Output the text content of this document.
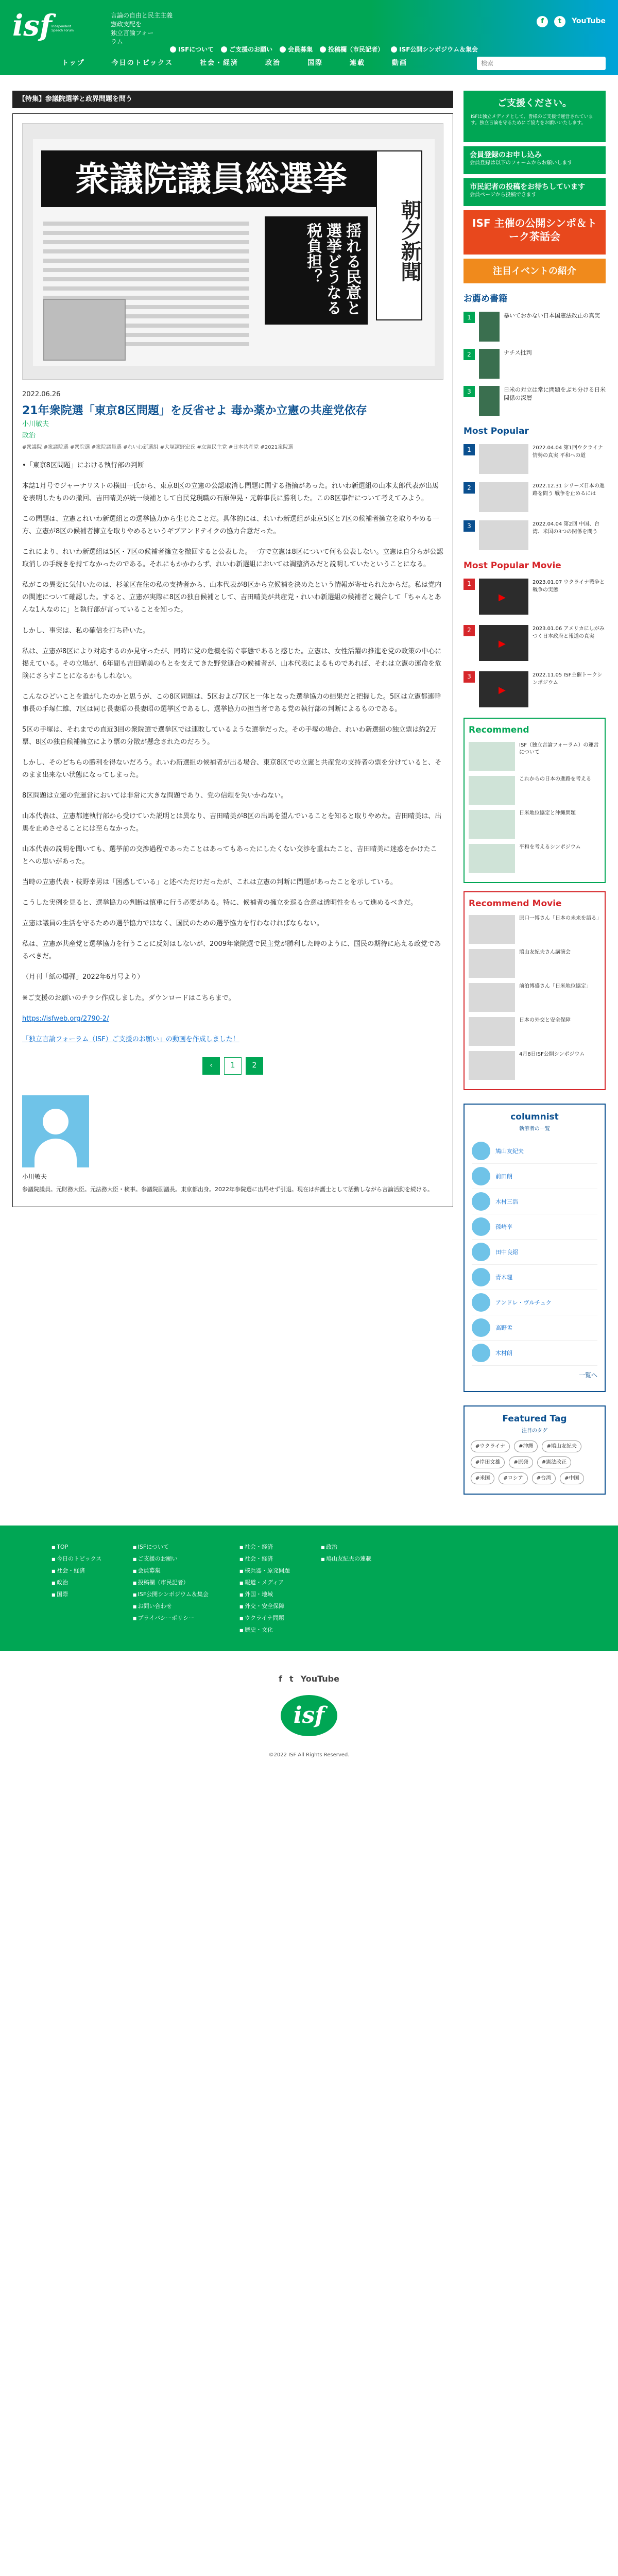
isf Independent Speech Forum
言論の自由と民主主義
憲政支配を
独立言論フォー
ラム
ISFについて	ご支援のお願い	会員募集	投稿欄（市民記者）	ISF公開シンポジウム＆集会
f	t	YouTube
トップ	今日のトピックス	社会・経済	政治	国際	連載	動画	検索
【特集】参議院選挙と政界問題を問う
衆議院議員総選挙
朝夕新聞
揺れる民意と選挙どうなる税負担？
2022.06.26
21年衆院選「東京8区問題」を反省せよ 毒か薬か立憲の共産党依存
小川敏夫
政治
#衆議院 #衆議院選 #衆院選 #衆院議員選 #れいわ新選組 #大塚潔野宏氏 #立憲民主党 #日本共産党 #2021衆院選

•「東京8区問題」における執行部の判断

本誌1月号でジャーナリストの横田一氏から、東京8区の立憲の公認取消し問題に関する指摘があった。れいわ新選組の山本太郎代表が出馬を表明したものの撤回、吉田晴美が統一候補として自民党現職の石原伸晃・元幹事長に勝利した。この8区事件について考えてみよう。

この問題は、立憲とれいわ新選組との選挙協力から生じたことだ。具体的には、れいわ新選組が東京5区と7区の候補者擁立を取りやめる一方、立憲が8区の候補者擁立を取りやめるというギブアンドテイクの協力合意だった。

これにより、れいわ新選組は5区・7区の候補者擁立を撤回すると公表した。一方で立憲は8区について何も公表しない。立憲は自分らが公認取消しの手続きを持てなかったのである。それにもかかわらず、れいわ新選組においては調整済みだと説明していたということになる。

私がこの異変に気付いたのは、杉並区在住の私の支持者から、山本代表が8区から立候補を決めたという情報が寄せられたからだ。私は党内の関連について確認した。すると、立憲が実際に8区の独自候補として、吉田晴美が共産党・れいわ新選組の候補者と競合して「ちゃんとあんな1人なのに」と執行部が言っていることを知った。

しかし、事実は、私の確信を打ち砕いた。

私は、立憲が8区により対応するのか見守ったが、同時に党の危機を防ぐ事態であると感じた。立憲は、女性活躍の推進を党の政策の中心に掲えている。その立場が、6年間も吉田晴美のもとを支えてきた野党連合の候補者が、山本代表によるものであれば、それは立憲の運命を危険にさらすことになるかもしれない。

こんなひどいことを誰がしたのかと思うが、この8区問題は、5区および7区と一体となった選挙協力の結果だと把握した。5区は立憲都連幹事長の手塚仁雄、7区は同じ長妻昭の長妻昭の選挙区であるし、選挙協力の担当者である党の執行部の判断によるものである。

5区の手塚は、それまでの直近3回の衆院選で選挙区では連敗しているような選挙だった。その手塚の場合、れいわ新選組の独立票は約2万票、8区の独自候補擁立により票の分散が懸念されたのだろう。

しかし、そのどちらの勝利を得ないだろう。れいわ新選組の候補者が出る場合、東京8区での立憲と共産党の支持者の票を分けていると、そのまま出来ない状態になってしまった。

8区問題は立憲の党運営においては非常に大きな問題であり、党の信頼を失いかねない。

山本代表は、立憲都連執行部から受けていた説明とは異なり、吉田晴美が8区の出馬を望んでいることを知ると取りやめた。吉田晴美は、出馬を止めさせることには至らなかった。

山本代表の説明を聞いても、選挙前の交渉過程であったことはあってもあったにしたくない交渉を重ねたこと、吉田晴美に迷惑をかけたことへの思いがあった。

当時の立憲代表・枝野幸男は「困惑している」と述べただけだったが、これは立憲の判断に問題があったことを示している。

こうした実例を見ると、選挙協力の判断は慎重に行う必要がある。特に、候補者の擁立を巡る合意は透明性をもって進めるべきだ。

立憲は議員の生活を守るための選挙協力ではなく、国民のための選挙協力を行わなければならない。

私は、立憲が共産党と選挙協力を行うことに反対はしないが、2009年衆院選で民主党が勝利した時のように、国民の期待に応える政党であるべきだ。

（月刊「紙の爆弾」2022年6月号より）

※ご支援のお願いのチラシ作成しました。ダウンロードはこちらまで。

https://isfweb.org/2790-2/

「独立言論フォーラム（ISF）ご支援のお願い」の動画を作成しました！

‹	1	2
小川敏夫
参議院議員。元財務大臣。元法務大臣・検事。参議院副議長。東京都出身。2022年参院選に出馬せず引退。現在は弁護士として活動しながら言論活動を続ける。
ご支援ください。
ISFは独立メディアとして、皆様のご支援で運営されています。独立言論を守るためにご協力をお願いいたします。
会員登録のお申し込み
会員登録は以下のフォームからお願いします
市民記者の投稿をお待ちしています
会員ページから投稿できます
ISF 主催の公開シンポ＆トーク茶話会
注目イベントの紹介
お薦め書籍
1	暴いておかない日本国憲法改正の真実
2	ナチス批判
3	日米の対立は常に問題をぶち分ける日米関係の深層
Most Popular
1	2022.04.04 第1回ウクライナ情勢の真実 平和への道
2	2022.12.31 シリーズ日本の進路を問う 戦争を止めるには
3	2022.04.04 第2回 中国、台湾、米国の3つの関係を問う
Most Popular Movie
1 ▶	2023.01.07 ウクライナ戦争と戦争の実態
2 ▶	2023.01.06 アメリカにしがみつく日本政府と報道の真実
3 ▶	2022.11.05 ISF主催トークシンポジウム
Recommend
ISF（独立言論フォーラム）の運営について
これからの日本の進路を考える
日米地位協定と沖縄問題
平和を考えるシンポジウム
Recommend Movie
原口一博さん「日本の未来を語る」
鳩山友紀夫さん講演会
前泊博盛さん「日米地位協定」
日本の外交と安全保障
4月8日ISF公開シンポジウム
columnist
執筆者の一覧
鳩山友紀夫
前田朗
木村三浩
孫崎享
田中良紹
青木理
アンドレ・ヴルチェク
高野孟
木村朗
一覧へ
Featured Tag
注目のタグ
#ウクライナ	#沖縄	#鳩山友紀夫
#岸田文雄	#原発	#憲法改正
#米国	#ロシア	#台湾	#中国
■ TOP
■ 今日のトピックス
■ 社会・経済
■ 政治
■ 国際
■ ISFについて
■ ご支援のお願い
■ 会員募集
■ 投稿欄（市民記者）
■ ISF公開シンポジウム＆集会
■ お問い合わせ
■ プライバシーポリシー
■ 社会・経済
■ 社会・経済
■ 核兵器・原発問題
■ 報道・メディア
■ 外国・地域
■ 外交・安全保障
■ ウクライナ問題
■ 歴史・文化
■ 政治
■ 鳩山友紀夫の連載
f t YouTube
isf
©2022 ISF All Rights Reserved.
